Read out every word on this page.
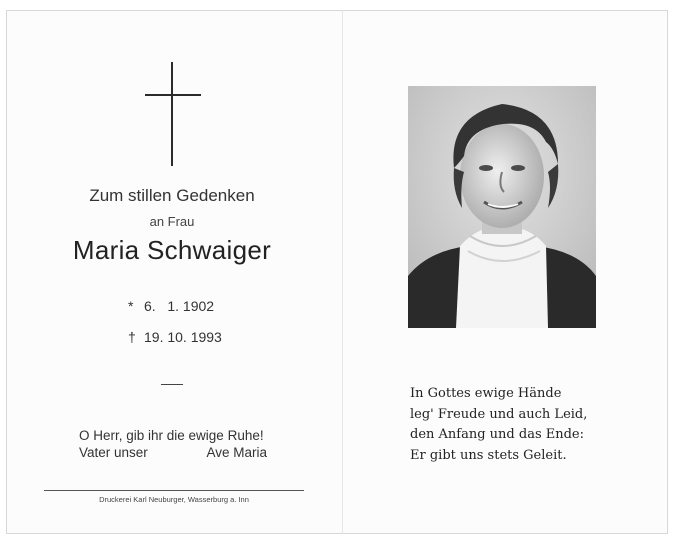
Zum stillen Gedenken
an Frau
Maria Schwaiger
* 6.   1. 1902
† 19. 10. 1993
O Herr, gib ihr die ewige Ruhe!
Vater unser	Ave Maria
Druckerei Karl Neuburger, Wasserburg a. Inn
In Gottes ewige Hände
leg' Freude und auch Leid,
den Anfang und das Ende:
Er gibt uns stets Geleit.
